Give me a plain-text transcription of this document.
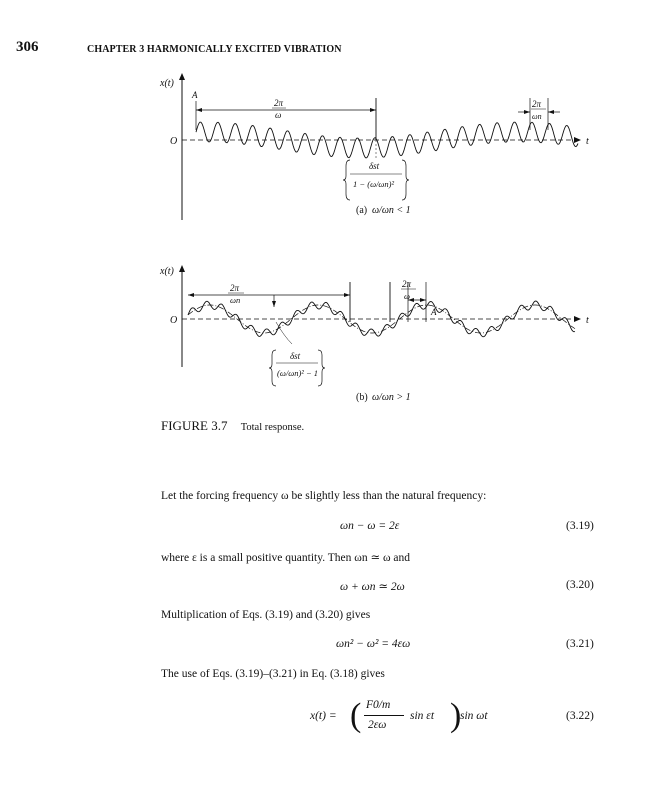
306	CHAPTER 3 HARMONICALLY EXCITED VIBRATION
x(t)
t
O
A
2π
ω
2π
ωn
δst
1 − (ω/ωn)²
(a) ω/ωn < 1
x(t)
t
O
2π
ωn
2π
ω
A
δst
(ω/ωn)² − 1
(b) ω/ωn > 1
FIGURE 3.7 Total response.
Let the forcing frequency ω be slightly less than the natural frequency:
ωn − ω = 2ε	(3.19)
where ε is a small positive quantity. Then ωn ≃ ω and
ω + ωn ≃ 2ω	(3.20)
Multiplication of Eqs. (3.19) and (3.20) gives
ωn² − ω² = 4εω	(3.21)
The use of Eqs. (3.19)–(3.21) in Eq. (3.18) gives
x(t) = ( F0/m
2εω
sin εt )
sin ωt	(3.22)
